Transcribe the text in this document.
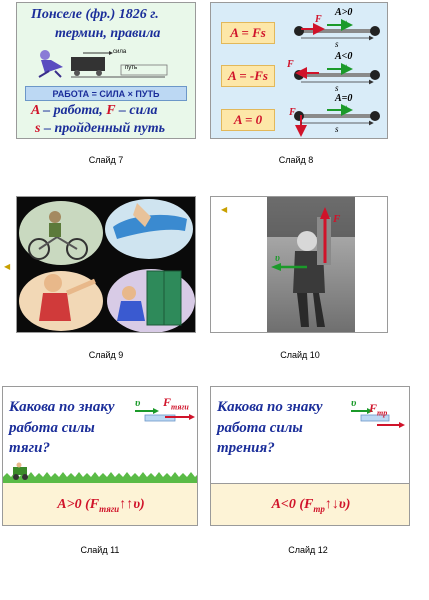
Понселе (фр.) 1826 г.
термин, правила
сила
путь
РАБОТА = СИЛА × ПУТЬ
A – работа, F – сила
s – пройденный путь
Слайд 7
A = Fs
A = -Fs
A = 0
F
A>0
υ
s
F
A<0
υ
s
F
A=0
υ
s
Слайд 8
Слайд 9
◀
◀
F
υ
Слайд 10
Какова по знаку
работа силы
тяги?
υ $F_{тяги}$
A>0 $(F_{тяги}↑↑\upsilon)$
Слайд 11
Какова по знаку
работа силы
трения?
υ $F_{тр}$
A<0 $(F_{тр}↑↓\upsilon)$
Слайд 12
